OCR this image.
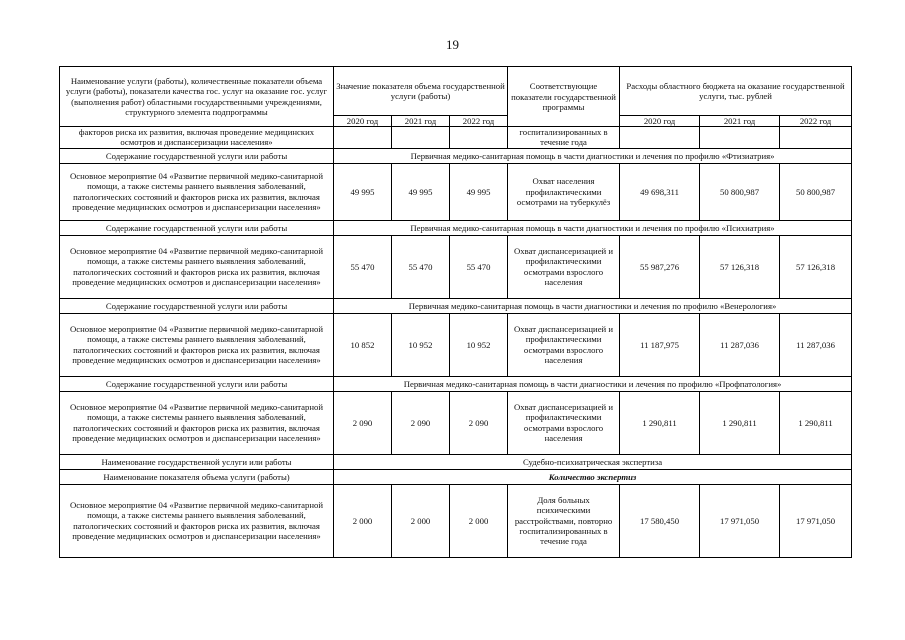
19
Наименование услуги (работы), количественные показатели объема услуги (работы), показатели качества гос. услуг на оказание гос. услуг (выполнения работ) областными государственными учреждениями, структурного элемента подпрограммы	Значение показателя объема государственной услуги (работы)			Соответствующие показатели государственной программы	Расходы областного бюджета на оказание государственной услуги, тыс. рублей		
	2020 год	2021 год	2022 год		2020 год	2021 год	2022 год
факторов риска их развития, включая проведение медицинских осмотров и диспансеризации населения»				госпитализированных в течение года			
Содержание государственной услуги или работы	Первичная медико-санитарная помощь в части диагностики и лечения по профилю «Фтизиатрия»						
Основное мероприятие 04 «Развитие первичной медико-санитарной помощи, а также системы раннего выявления заболеваний, патологических состояний и факторов риска их развития, включая проведение медицинских осмотров и диспансеризации населения»	49 995	49 995	49 995	Охват населения профилактическими осмотрами на туберкулёз	49 698,311	50 800,987	50 800,987
Содержание государственной услуги или работы	Первичная медико-санитарная помощь в части диагностики и лечения по профилю «Психиатрия»						
Основное мероприятие 04 «Развитие первичной медико-санитарной помощи, а также системы раннего выявления заболеваний, патологических состояний и факторов риска их развития, включая проведение медицинских осмотров и диспансеризации населения»	55 470	55 470	55 470	Охват диспансеризацией и профилактическими осмотрами взрослого населения	55 987,276	57 126,318	57 126,318
Содержание государственной услуги или работы	Первичная медико-санитарная помощь в части диагностики и лечения по профилю «Венерология»						
Основное мероприятие 04 «Развитие первичной медико-санитарной помощи, а также системы раннего выявления заболеваний, патологических состояний и факторов риска их развития, включая проведение медицинских осмотров и диспансеризации населения»	10 852	10 952	10 952	Охват диспансеризацией и профилактическими осмотрами взрослого населения	11 187,975	11 287,036	11 287,036
Содержание государственной услуги или работы	Первичная медико-санитарная помощь в части диагностики и лечения по профилю «Профпатология»						
Основное мероприятие 04 «Развитие первичной медико-санитарной помощи, а также системы раннего выявления заболеваний, патологических состояний и факторов риска их развития, включая проведение медицинских осмотров и диспансеризации населения»	2 090	2 090	2 090	Охват диспансеризацией и профилактическими осмотрами взрослого населения	1 290,811	1 290,811	1 290,811
Наименование государственной услуги или работы	Судебно-психиатрическая экспертиза						
Наименование показателя объема услуги (работы)	Количество экспертиз						
Основное мероприятие 04 «Развитие первичной медико-санитарной помощи, а также системы раннего выявления заболеваний, патологических состояний и факторов риска их развития, включая проведение медицинских осмотров и диспансеризации населения»	2 000	2 000	2 000	Доля больных психическими расстройствами, повторно госпитализированных в течение года	17 580,450	17 971,050	17 971,050
